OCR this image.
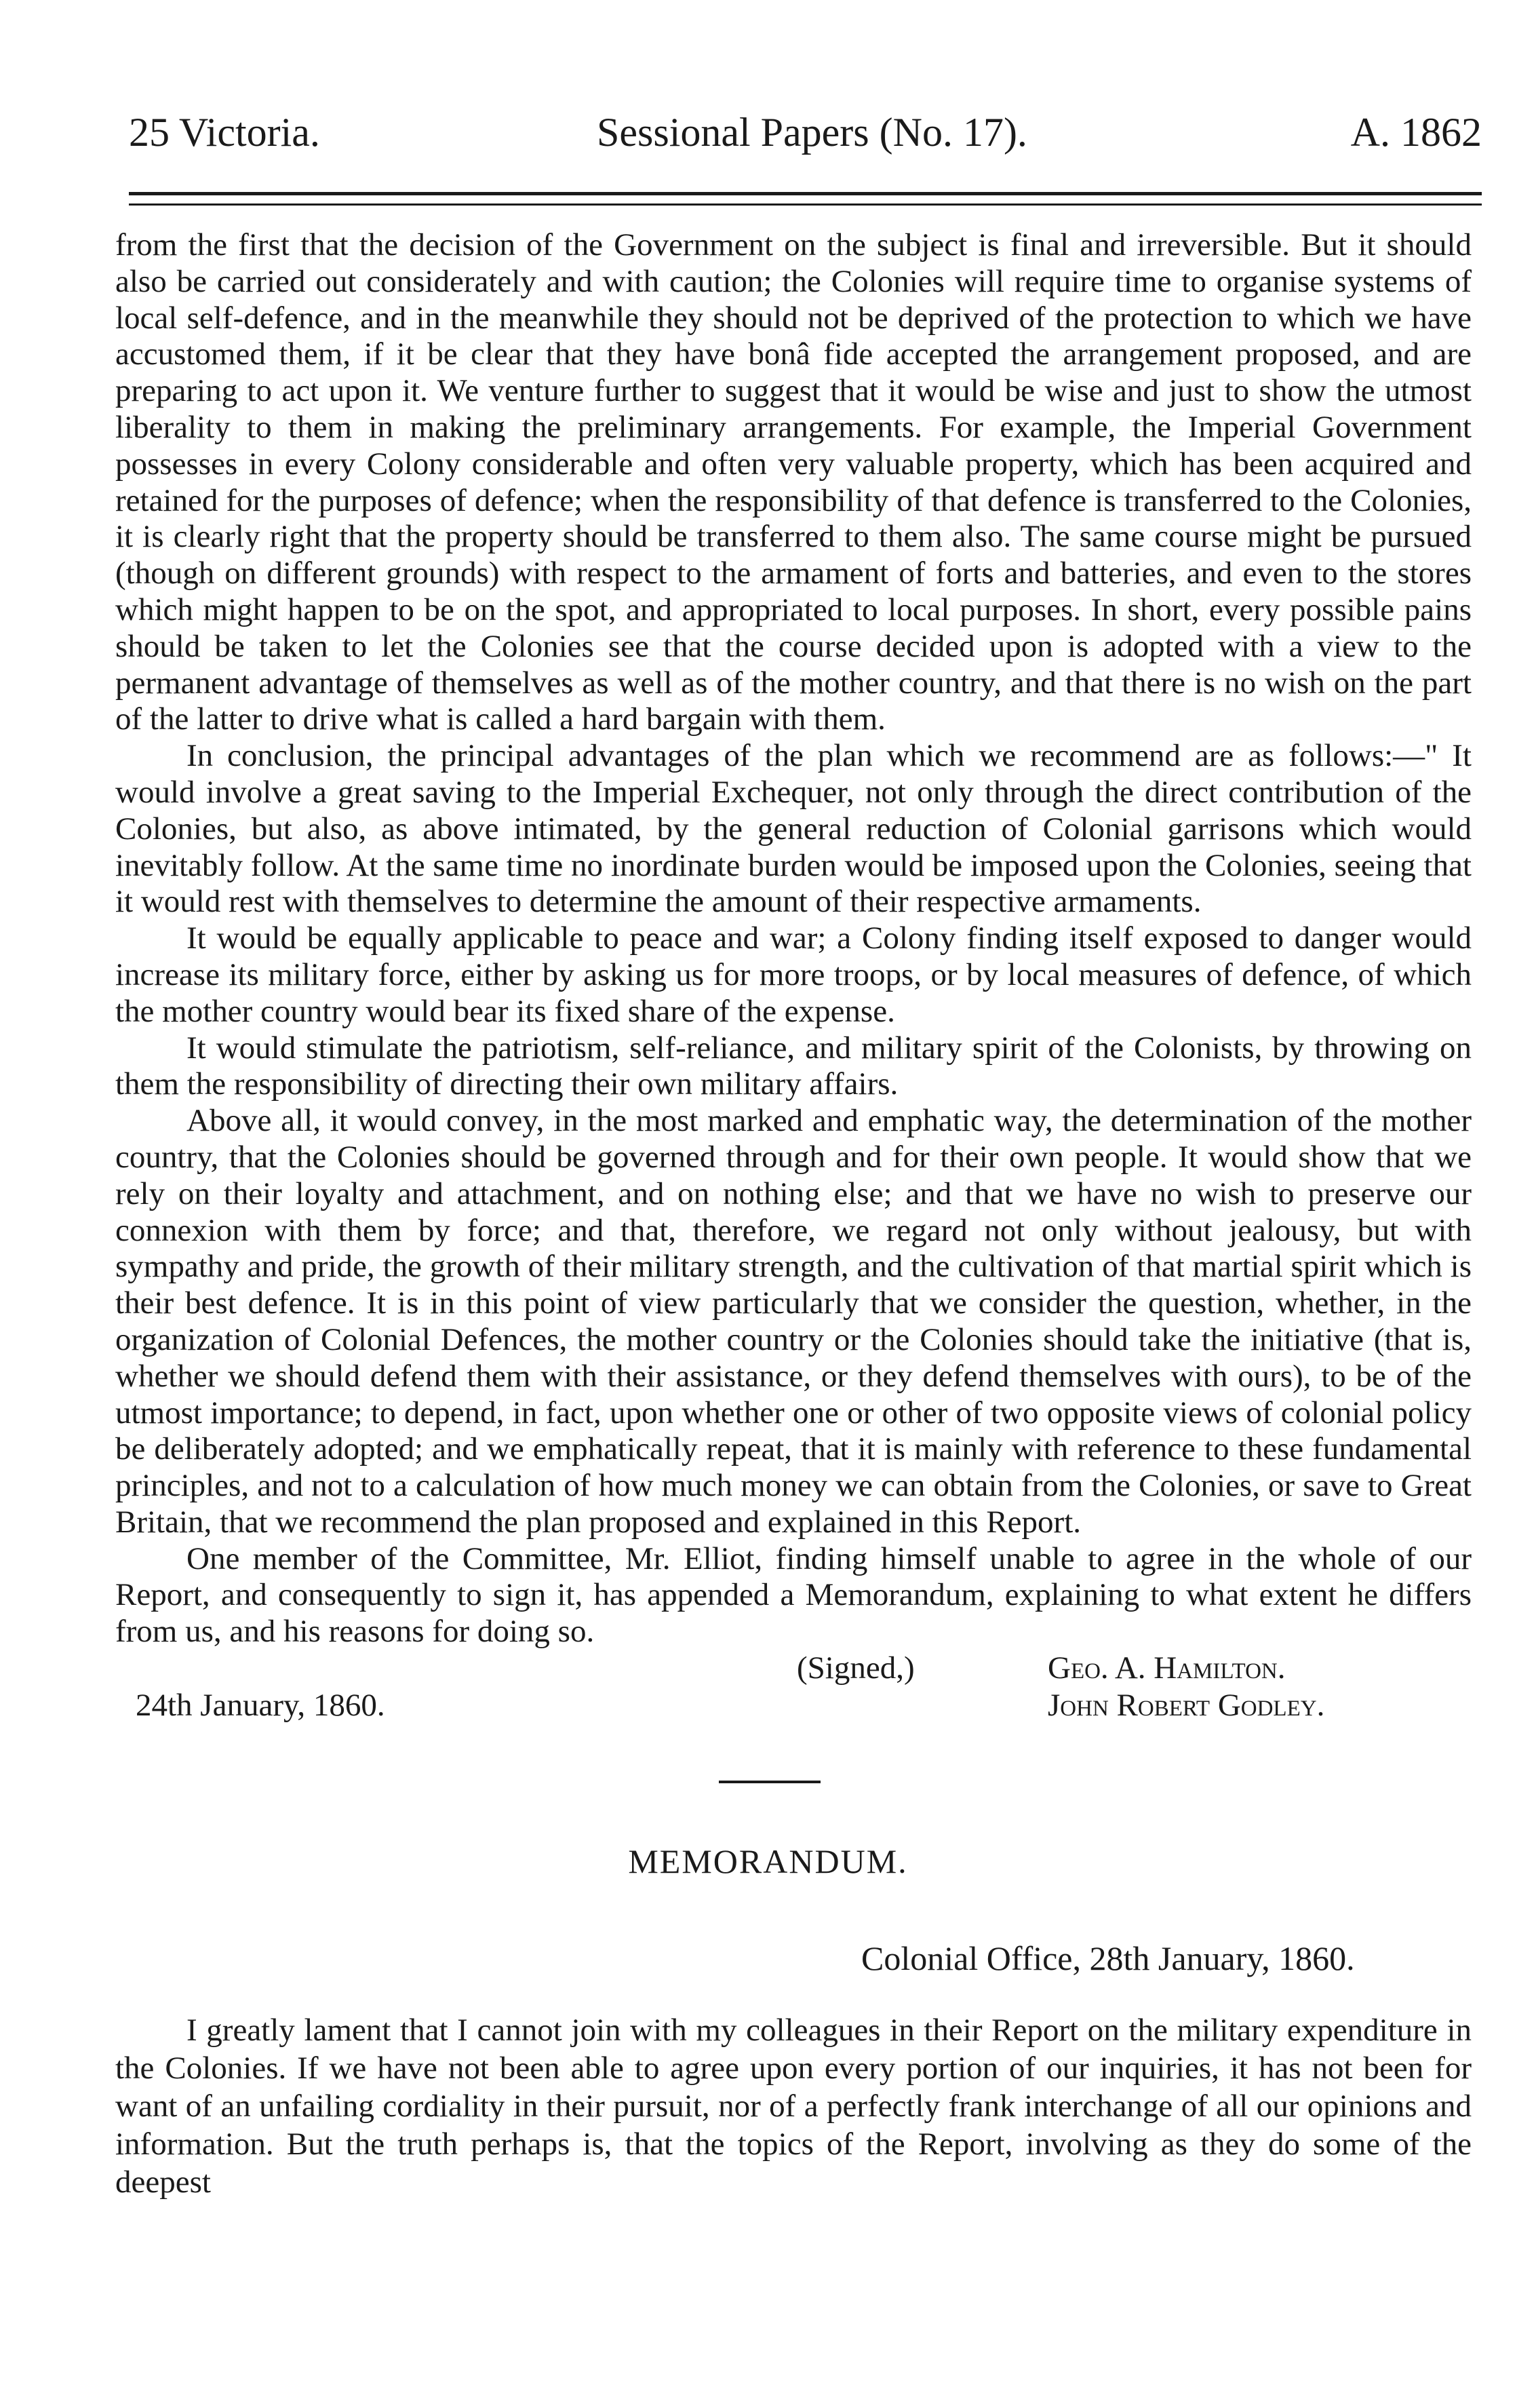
25 Victoria.	Sessional Papers (No. 17).	A. 1862

from the first that the decision of the Government on the subject is final and irreversible. But it should also be carried out considerately and with caution; the Colonies will require time to organise systems of local self-defence, and in the meanwhile they should not be deprived of the protection to which we have accustomed them, if it be clear that they have bonâ fide accepted the arrangement proposed, and are preparing to act upon it. We venture further to suggest that it would be wise and just to show the utmost liberality to them in making the preliminary arrangements. For example, the Imperial Government possesses in every Colony considerable and often very valuable property, which has been acquired and retained for the purposes of defence; when the responsibility of that defence is transferred to the Colonies, it is clearly right that the property should be transferred to them also. The same course might be pursued (though on different grounds) with respect to the armament of forts and batteries, and even to the stores which might happen to be on the spot, and appropriated to local purposes. In short, every possible pains should be taken to let the Colonies see that the course decided upon is adopted with a view to the permanent advantage of themselves as well as of the mother country, and that there is no wish on the part of the latter to drive what is called a hard bargain with them.

In conclusion, the principal advantages of the plan which we recommend are as follows:—" It would involve a great saving to the Imperial Exchequer, not only through the direct contribution of the Colonies, but also, as above intimated, by the general reduction of Colonial garrisons which would inevitably follow. At the same time no inordinate burden would be imposed upon the Colonies, seeing that it would rest with themselves to determine the amount of their respective armaments.

It would be equally applicable to peace and war; a Colony finding itself exposed to danger would increase its military force, either by asking us for more troops, or by local measures of defence, of which the mother country would bear its fixed share of the expense.

It would stimulate the patriotism, self-reliance, and military spirit of the Colonists, by throwing on them the responsibility of directing their own military affairs.

Above all, it would convey, in the most marked and emphatic way, the determination of the mother country, that the Colonies should be governed through and for their own people. It would show that we rely on their loyalty and attachment, and on nothing else; and that we have no wish to preserve our connexion with them by force; and that, therefore, we regard not only without jealousy, but with sympathy and pride, the growth of their military strength, and the cultivation of that martial spirit which is their best defence. It is in this point of view particularly that we consider the question, whether, in the organization of Colonial Defences, the mother country or the Colonies should take the initiative (that is, whether we should defend them with their assistance, or they defend themselves with ours), to be of the utmost importance; to depend, in fact, upon whether one or other of two opposite views of colonial policy be deliberately adopted; and we emphatically repeat, that it is mainly with reference to these fundamental principles, and not to a calculation of how much money we can obtain from the Colonies, or save to Great Britain, that we recommend the plan proposed and explained in this Report.

One member of the Committee, Mr. Elliot, finding himself unable to agree in the whole of our Report, and consequently to sign it, has appended a Memorandum, explaining to what extent he differs from us, and his reasons for doing so.

(Signed,)	Geo. A. Hamilton.
24th January, 1860.	John Robert Godley.
MEMORANDUM.
Colonial Office, 28th January, 1860.

I greatly lament that I cannot join with my colleagues in their Report on the military expenditure in the Colonies. If we have not been able to agree upon every portion of our inquiries, it has not been for want of an unfailing cordiality in their pursuit, nor of a perfectly frank interchange of all our opinions and information. But the truth perhaps is, that the topics of the Report, involving as they do some of the deepest
